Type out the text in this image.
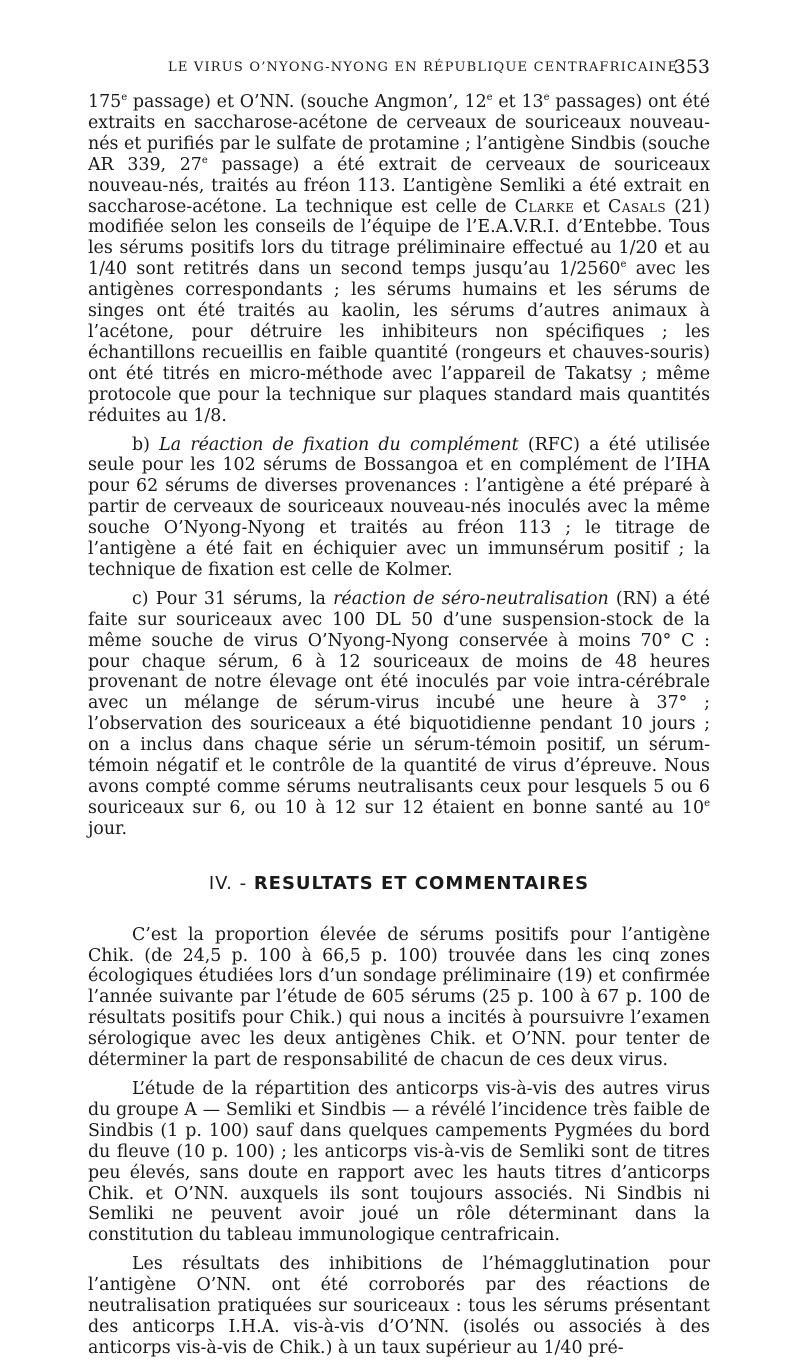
LE VIRUS O’NYONG-NYONG EN RÉPUBLIQUE CENTRAFRICAINE
353

175e passage) et O’NN. (souche Angmon’, 12e et 13e passages) ont été extraits en saccharose-acétone de cerveaux de souriceaux nouveau-nés et purifiés par le sulfate de protamine ; l’antigène Sindbis (souche AR 339, 27e passage) a été extrait de cerveaux de souriceaux nouveau-nés, traités au fréon 113. L’antigène Semliki a été extrait en saccharose-acétone. La technique est celle de Clarke et Casals (21) modifiée selon les conseils de l’équipe de l’E.A.V.R.I. d’Entebbe. Tous les sérums positifs lors du titrage préliminaire effectué au 1/20 et au 1/40 sont retitrés dans un second temps jusqu’au 1/2560e avec les antigènes correspondants ; les sérums humains et les sérums de singes ont été traités au kaolin, les sérums d’autres animaux à l’acétone, pour détruire les inhibiteurs non spécifiques ; les échantillons recueillis en faible quantité (rongeurs et chauves-souris) ont été titrés en micro-méthode avec l’appareil de Takatsy ; même protocole que pour la technique sur plaques standard mais quantités réduites au 1/8.

b) La réaction de fixation du complément (RFC) a été utilisée seule pour les 102 sérums de Bossangoa et en complément de l’IHA pour 62 sérums de diverses provenances : l’antigène a été préparé à partir de cerveaux de souriceaux nouveau-nés inoculés avec la même souche O’Nyong-Nyong et traités au fréon 113 ; le titrage de l’antigène a été fait en échiquier avec un immunsérum positif ; la technique de fixation est celle de Kolmer.

c) Pour 31 sérums, la réaction de séro-neutralisation (RN) a été faite sur souriceaux avec 100 DL 50 d’une suspension-stock de la même souche de virus O’Nyong-Nyong conservée à moins 70° C : pour chaque sérum, 6 à 12 souriceaux de moins de 48 heures provenant de notre élevage ont été inoculés par voie intra-cérébrale avec un mélange de sérum-virus incubé une heure à 37° ; l’observation des souriceaux a été biquotidienne pendant 10 jours ; on a inclus dans chaque série un sérum-témoin positif, un sérum-témoin négatif et le contrôle de la quantité de virus d’épreuve. Nous avons compté comme sérums neutralisants ceux pour lesquels 5 ou 6 souriceaux sur 6, ou 10 à 12 sur 12 étaient en bonne santé au 10e jour.

IV. - RESULTATS ET COMMENTAIRES

C’est la proportion élevée de sérums positifs pour l’antigène Chik. (de 24,5 p. 100 à 66,5 p. 100) trouvée dans les cinq zones écologiques étudiées lors d’un sondage préliminaire (19) et confirmée l’année suivante par l’étude de 605 sérums (25 p. 100 à 67 p. 100 de résultats positifs pour Chik.) qui nous a incités à poursuivre l’examen sérologique avec les deux antigènes Chik. et O’NN. pour tenter de déterminer la part de responsabilité de chacun de ces deux virus.

L’étude de la répartition des anticorps vis-à-vis des autres virus du groupe A — Semliki et Sindbis — a révélé l’incidence très faible de Sindbis (1 p. 100) sauf dans quelques campements Pygmées du bord du fleuve (10 p. 100) ; les anticorps vis-à-vis de Semliki sont de titres peu élevés, sans doute en rapport avec les hauts titres d’anticorps Chik. et O’NN. auxquels ils sont toujours associés. Ni Sindbis ni Semliki ne peuvent avoir joué un rôle déterminant dans la constitution du tableau immunologique centrafricain.

Les résultats des inhibitions de l’hémagglutination pour l’antigène O’NN. ont été corroborés par des réactions de neutralisation pratiquées sur souriceaux : tous les sérums présentant des anticorps I.H.A. vis-à-vis d’O’NN. (isolés ou associés à des anticorps vis-à-vis de Chik.) à un taux supérieur au 1/40 pré-
